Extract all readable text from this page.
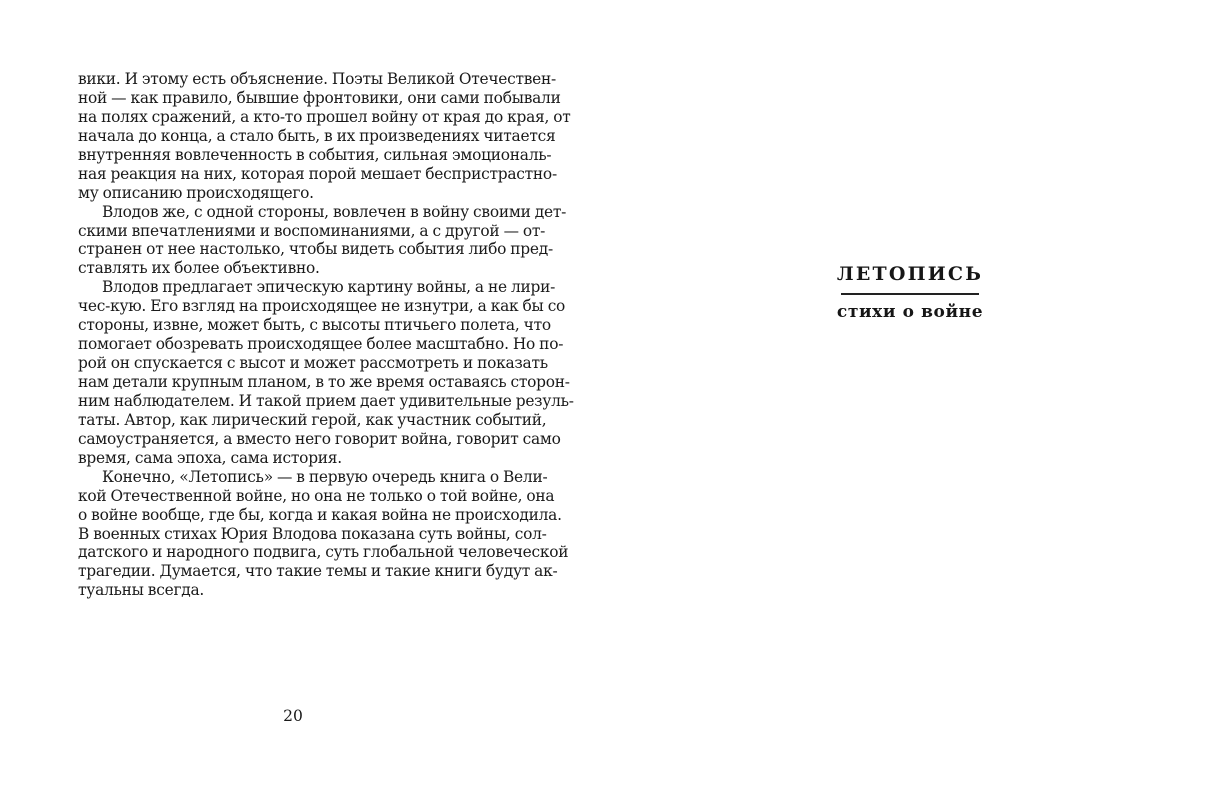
вики. И этому есть объяснение. Поэты Великой Отечествен-
ной — как правило, бывшие фронтовики, они сами побывали
на полях сражений, а кто-то прошел войну от края до края, от
начала до конца, а стало быть, в их произведениях читается
внутренняя вовлеченность в события, сильная эмоциональ-
ная реакция на них, которая порой мешает беспристрастно-
му описанию происходящего.
Влодов же, с одной стороны, вовлечен в войну своими дет-
скими впечатлениями и воспоминаниями, а с другой — от-
странен от нее настолько, чтобы видеть события либо пред-
ставлять их более объективно.
Влодов предлагает эпическую картину войны, а не лири-
чес-кую. Его взгляд на происходящее не изнутри, а как бы со
стороны, извне, может быть, с высоты птичьего полета, что
помогает обозревать происходящее более масштабно. Но по-
рой он спускается с высот и может рассмотреть и показать
нам детали крупным планом, в то же время оставаясь сторон-
ним наблюдателем. И такой прием дает удивительные резуль-
таты. Автор, как лирический герой, как участник событий,
самоустраняется, а вместо него говорит война, говорит само
время, сама эпоха, сама история.
Конечно, «Летопись» — в первую очередь книга о Вели-
кой Отечественной войне, но она не только о той войне, она
о войне вообще, где бы, когда и какая война не происходила.
В военных стихах Юрия Влодова показана суть войны, сол-
датского и народного подвига, суть глобальной человеческой
трагедии. Думается, что такие темы и такие книги будут ак-
туальны всегда.
20
ЛЕТОПИСЬ
стихи о войне
